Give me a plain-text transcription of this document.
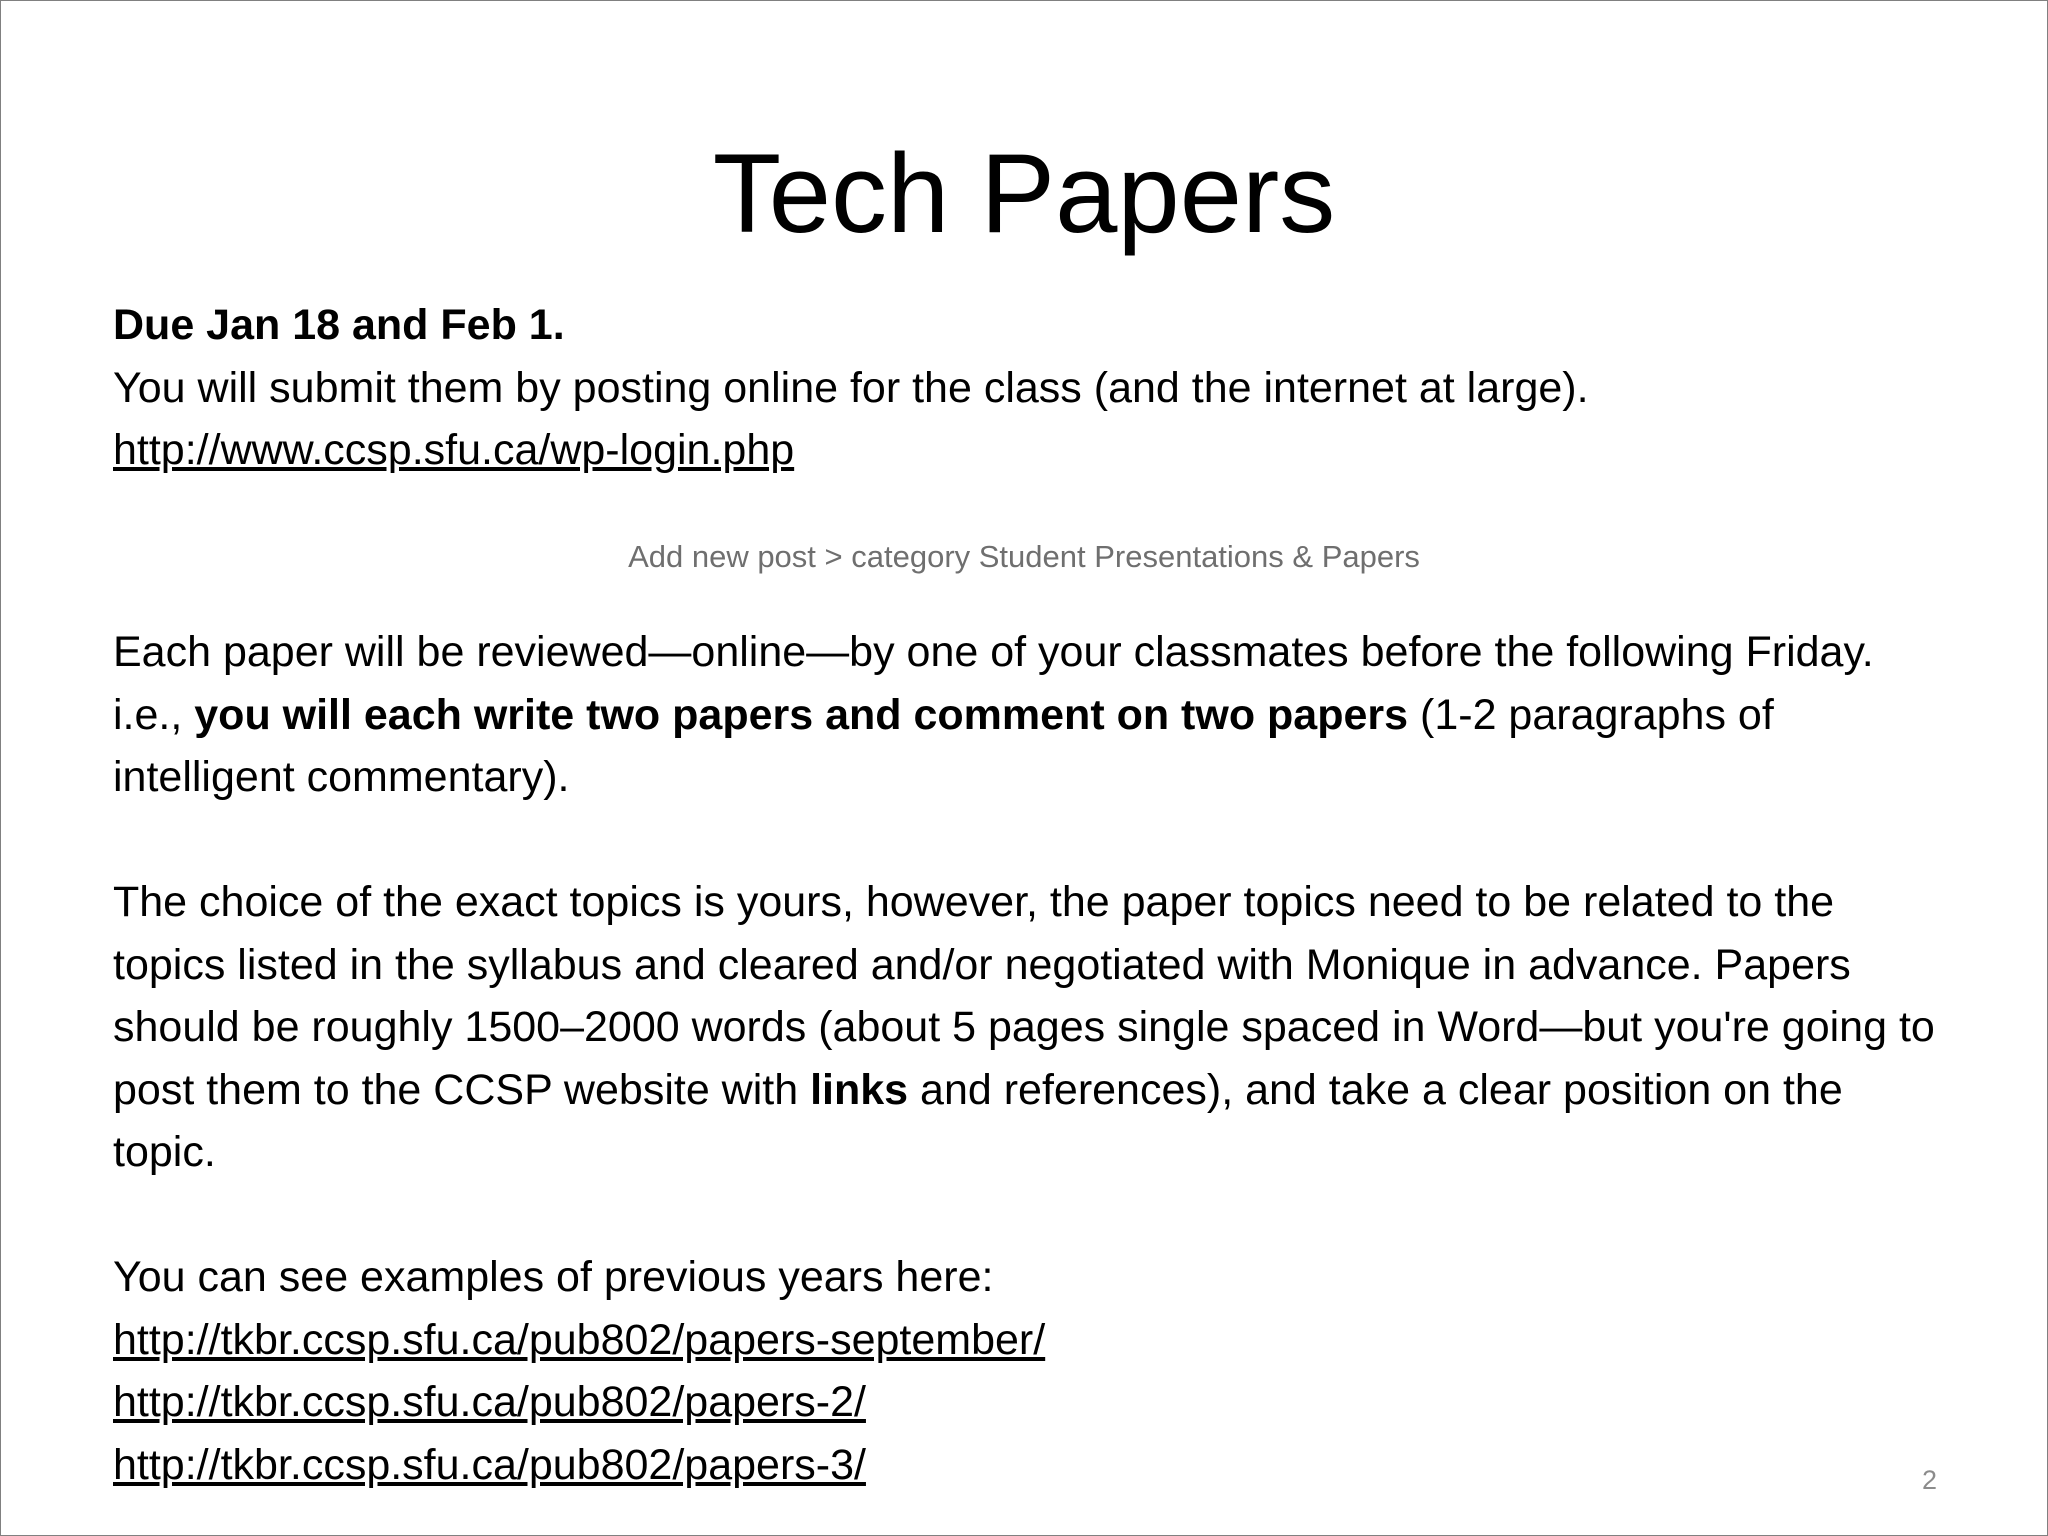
Tech Papers
Due Jan 18 and Feb 1.
You will submit them by posting online for the class (and the internet at large).
http://www.ccsp.sfu.ca/wp-login.php
Add new post > category Student Presentations & Papers
Each paper will be reviewed—online—by one of your classmates before the following Friday. i.e., you will each write two papers and comment on two papers (1-2 paragraphs of intelligent commentary).
The choice of the exact topics is yours, however, the paper topics need to be related to the topics listed in the syllabus and cleared and/or negotiated with Monique in advance. Papers should be roughly 1500–2000 words (about 5 pages single spaced in Word—but you're going to post them to the CCSP website with links and references), and take a clear position on the topic.
You can see examples of previous years here:
http://tkbr.ccsp.sfu.ca/pub802/papers-september/
http://tkbr.ccsp.sfu.ca/pub802/papers-2/
http://tkbr.ccsp.sfu.ca/pub802/papers-3/	2
